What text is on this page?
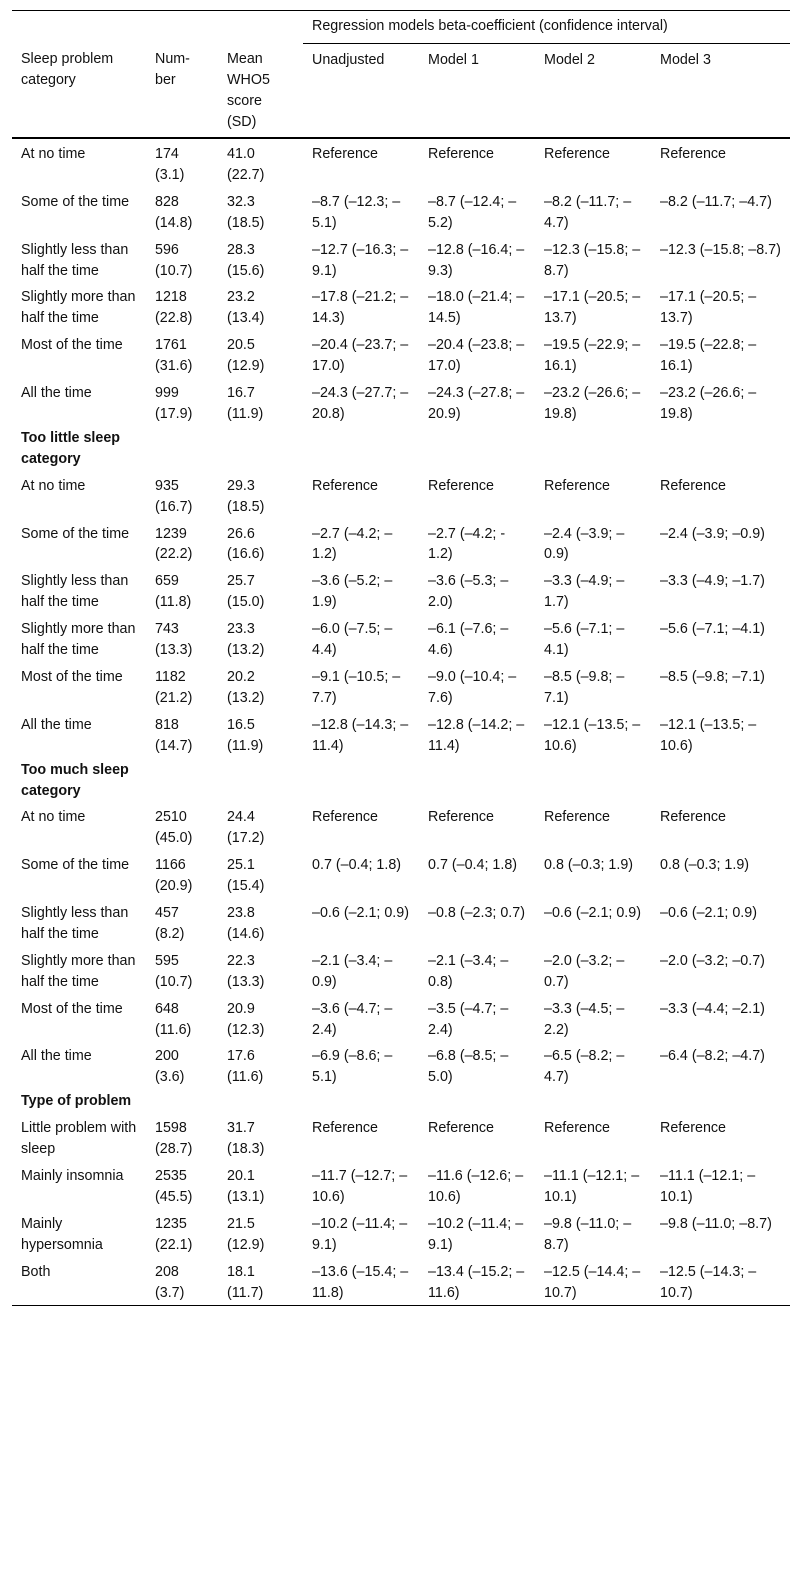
			Regression models beta-coefficient (confidence interval)			
Sleep problem category	Num-ber	Mean WHO5 score (SD)	Unadjusted	Model 1	Model 2	Model 3
At no time	174 (3.1)	41.0 (22.7)	Reference	Reference	Reference	Reference
Some of the time	828 (14.8)	32.3 (18.5)	–8.7 (–12.3; –5.1)	–8.7 (–12.4; –5.2)	–8.2 (–11.7; –4.7)	–8.2 (–11.7; –4.7)
Slightly less than half the time	596 (10.7)	28.3 (15.6)	–12.7 (–16.3; –9.1)	–12.8 (–16.4; –9.3)	–12.3 (–15.8; –8.7)	–12.3 (–15.8; –8.7)
Slightly more than half the time	1218 (22.8)	23.2 (13.4)	–17.8 (–21.2; –14.3)	–18.0 (–21.4; –14.5)	–17.1 (–20.5; –13.7)	–17.1 (–20.5; –13.7)
Most of the time	1761 (31.6)	20.5 (12.9)	–20.4 (–23.7; –17.0)	–20.4 (–23.8; –17.0)	–19.5 (–22.9; –16.1)	–19.5 (–22.8; –16.1)
All the time	999 (17.9)	16.7 (11.9)	–24.3 (–27.7; –20.8)	–24.3 (–27.8; –20.9)	–23.2 (–26.6; –19.8)	–23.2 (–26.6; –19.8)
Too little sleep category						
At no time	935 (16.7)	29.3 (18.5)	Reference	Reference	Reference	Reference
Some of the time	1239 (22.2)	26.6 (16.6)	–2.7 (–4.2; –1.2)	–2.7 (–4.2; - 1.2)	–2.4 (–3.9; –0.9)	–2.4 (–3.9; –0.9)
Slightly less than half the time	659 (11.8)	25.7 (15.0)	–3.6 (–5.2; –1.9)	–3.6 (–5.3; –2.0)	–3.3 (–4.9; –1.7)	–3.3 (–4.9; –1.7)
Slightly more than half the time	743 (13.3)	23.3 (13.2)	–6.0 (–7.5; –4.4)	–6.1 (–7.6; –4.6)	–5.6 (–7.1; –4.1)	–5.6 (–7.1; –4.1)
Most of the time	1182 (21.2)	20.2 (13.2)	–9.1 (–10.5; –7.7)	–9.0 (–10.4; –7.6)	–8.5 (–9.8; –7.1)	–8.5 (–9.8; –7.1)
All the time	818 (14.7)	16.5 (11.9)	–12.8 (–14.3; –11.4)	–12.8 (–14.2; –11.4)	–12.1 (–13.5; –10.6)	–12.1 (–13.5; –10.6)
Too much sleep category						
At no time	2510 (45.0)	24.4 (17.2)	Reference	Reference	Reference	Reference
Some of the time	1166 (20.9)	25.1 (15.4)	0.7 (–0.4; 1.8)	0.7 (–0.4; 1.8)	0.8 (–0.3; 1.9)	0.8 (–0.3; 1.9)
Slightly less than half the time	457 (8.2)	23.8 (14.6)	–0.6 (–2.1; 0.9)	–0.8 (–2.3; 0.7)	–0.6 (–2.1; 0.9)	–0.6 (–2.1; 0.9)
Slightly more than half the time	595 (10.7)	22.3 (13.3)	–2.1 (–3.4; –0.9)	–2.1 (–3.4; –0.8)	–2.0 (–3.2; –0.7)	–2.0 (–3.2; –0.7)
Most of the time	648 (11.6)	20.9 (12.3)	–3.6 (–4.7; –2.4)	–3.5 (–4.7; –2.4)	–3.3 (–4.5; –2.2)	–3.3 (–4.4; –2.1)
All the time	200 (3.6)	17.6 (11.6)	–6.9 (–8.6; –5.1)	–6.8 (–8.5; –5.0)	–6.5 (–8.2; –4.7)	–6.4 (–8.2; –4.7)
Type of problem						
Little problem with sleep	1598 (28.7)	31.7 (18.3)	Reference	Reference	Reference	Reference
Mainly insomnia	2535 (45.5)	20.1 (13.1)	–11.7 (–12.7; –10.6)	–11.6 (–12.6; –10.6)	–11.1 (–12.1; –10.1)	–11.1 (–12.1; –10.1)
Mainly hypersomnia	1235 (22.1)	21.5 (12.9)	–10.2 (–11.4; –9.1)	–10.2 (–11.4; –9.1)	–9.8 (–11.0; –8.7)	–9.8 (–11.0; –8.7)
Both	208 (3.7)	18.1 (11.7)	–13.6 (–15.4; –11.8)	–13.4 (–15.2; –11.6)	–12.5 (–14.4; –10.7)	–12.5 (–14.3; –10.7)
